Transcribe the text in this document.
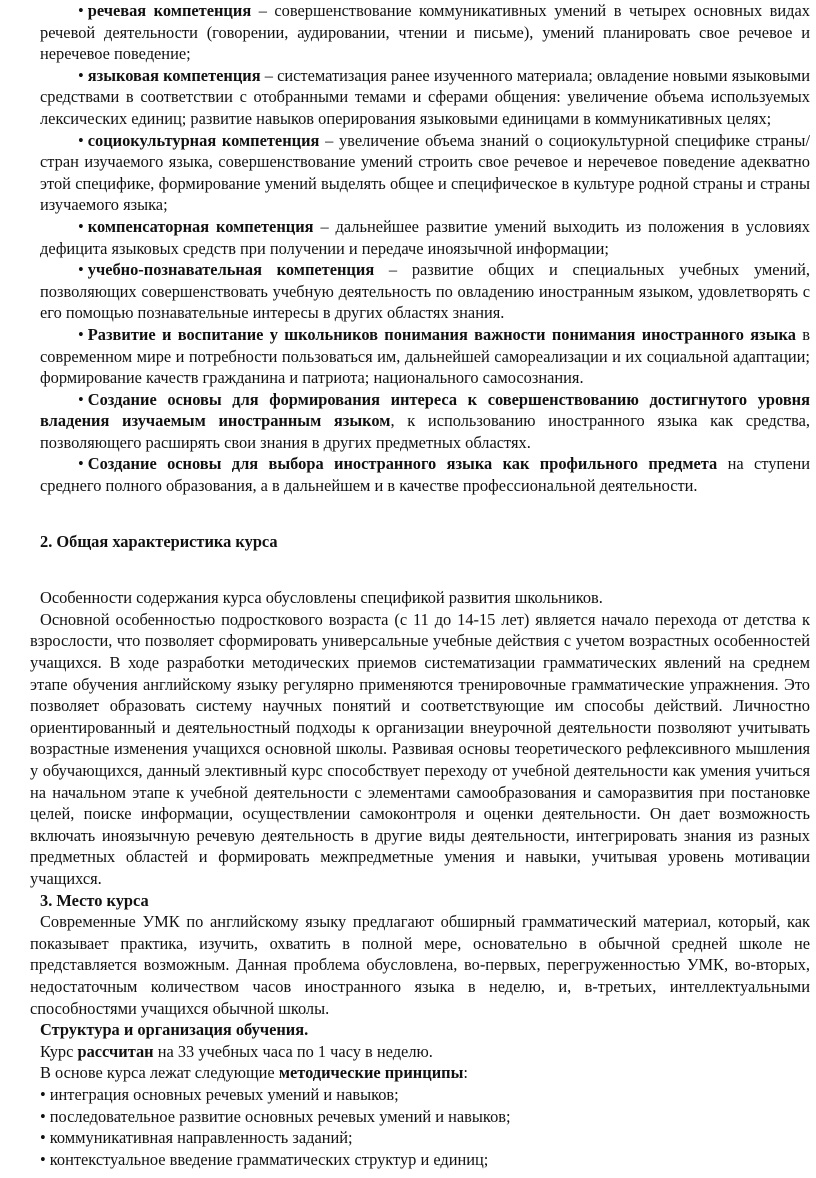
• речевая компетенция – совершенствование коммуникативных умений в четырех основных видах речевой деятельности (говорении, аудировании, чтении и письме), умений планировать свое речевое и неречевое поведение;

• языковая компетенция – систематизация ранее изученного материала; овладение новыми языковыми средствами в соответствии с отобранными темами и сферами общения: увеличение объема используемых лексических единиц; развитие навыков оперирования языковыми единицами в коммуникативных целях;

• социокультурная компетенция – увеличение объема знаний о социокультурной специфике страны/стран изучаемого языка, совершенствование умений строить свое речевое и неречевое поведение адекватно этой специфике, формирование умений выделять общее и специфическое в культуре родной страны и страны изучаемого языка;

• компенсаторная компетенция – дальнейшее развитие умений выходить из положения в условиях дефицита языковых средств при получении и передаче иноязычной информации;

• учебно-познавательная компетенция – развитие общих и специальных учебных умений, позволяющих совершенствовать учебную деятельность по овладению иностранным языком, удовлетворять с его помощью познавательные интересы в других областях знания.

• Развитие и воспитание у школьников понимания важности понимания иностранного языка в современном мире и потребности пользоваться им, дальнейшей самореализации и их социальной адаптации; формирование качеств гражданина и патриота; национального самосознания.

• Создание основы для формирования интереса к совершенствованию достигнутого уровня владения изучаемым иностранным языком, к использованию иностранного языка как средства, позволяющего расширять свои знания в других предметных областях.

• Создание основы для выбора иностранного языка как профильного предмета на ступени среднего полного образования, а в дальнейшем и в качестве профессиональной деятельности.

2. Общая характеристика курса

Особенности содержания курса обусловлены спецификой развития школьников.

Основной особенностью подросткового возраста (с 11 до 14-15 лет) является начало перехода от детства к взрослости, что позволяет сформировать универсальные учебные действия с учетом возрастных особенностей учащихся. В ходе разработки методических приемов систематизации грамматических явлений на среднем этапе обучения английскому языку регулярно применяются тренировочные грамматические упражнения. Это позволяет образовать систему научных понятий и соответствующие им способы действий. Личностно ориентированный и деятельностный подходы к организации внеурочной деятельности позволяют учитывать возрастные изменения учащихся основной школы. Развивая основы теоретического рефлексивного мышления у обучающихся, данный элективный курс способствует переходу от учебной деятельности как умения учиться на начальном этапе к учебной деятельности с элементами самообразования и саморазвития при постановке целей, поиске информации, осуществлении самоконтроля и оценки деятельности. Он дает возможность включать иноязычную речевую деятельность в другие виды деятельности, интегрировать знания из разных предметных областей и формировать межпредметные умения и навыки, учитывая уровень мотивации учащихся.

3. Место курса

Современные УМК по английскому языку предлагают обширный грамматический материал, который, как показывает практика, изучить, охватить в полной мере, основательно в обычной средней школе не представляется возможным. Данная проблема обусловлена, во-первых, перегруженностью УМК, во-вторых, недостаточным количеством часов иностранного языка в неделю, и, в-третьих, интеллектуальными способностями учащихся обычной школы.

Структура и организация обучения.

Курс рассчитан на 33 учебных часа по 1 часу в неделю.

В основе курса лежат следующие методические принципы:

• интеграция основных речевых умений и навыков;

• последовательное развитие основных речевых умений и навыков;

• коммуникативная направленность заданий;

• контекстуальное введение грамматических структур и единиц;
